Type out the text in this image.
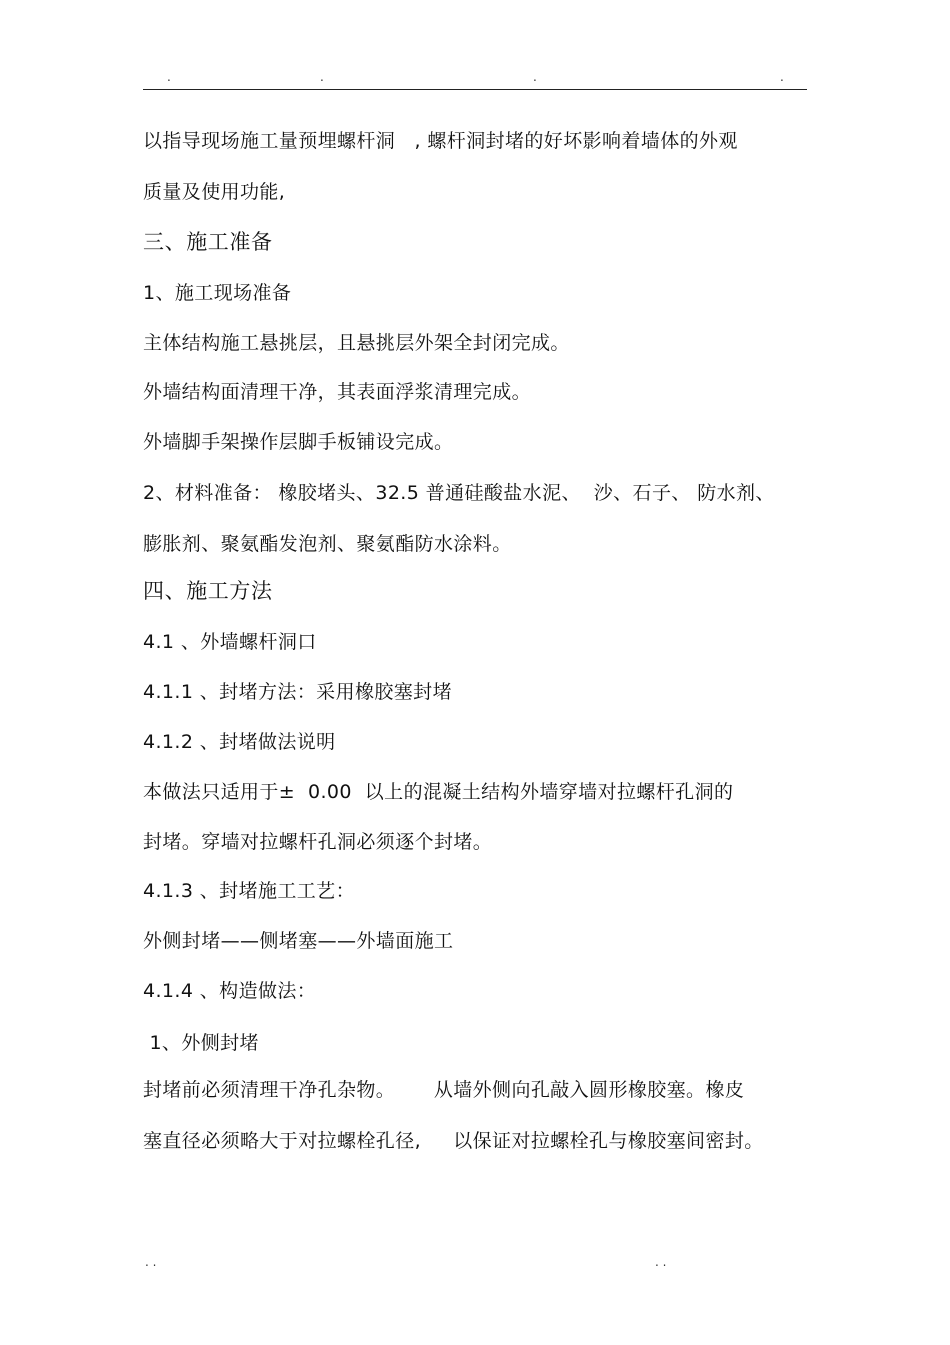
.	.	.	.
以指导现场施工量预埋螺杆洞   , 螺杆洞封堵的好坏影响着墙体的外观
质量及使用功能,
三、施工准备
1、施工现场准备
主体结构施工悬挑层，且悬挑层外架全封闭完成。
外墙结构面清理干净，其表面浮浆清理完成。
外墙脚手架操作层脚手板铺设完成。
2、材料准备： 橡胶堵头、32.5 普通硅酸盐水泥、  沙、石子、 防水剂、
膨胀剂、聚氨酯发泡剂、聚氨酯防水涂料。
四、施工方法
4.1 、外墙螺杆洞口
4.1.1 、封堵方法：采用橡胶塞封堵
4.1.2 、封堵做法说明
本做法只适用于±  0.00  以上的混凝土结构外墙穿墙对拉螺杆孔洞的
封堵。穿墙对拉螺杆孔洞必须逐个封堵。
4.1.3 、封堵施工工艺：
外侧封堵——侧堵塞——外墙面施工
4.1.4 、构造做法：
1、外侧封堵
封堵前必须清理干净孔杂物。      从墙外侧向孔敲入圆形橡胶塞。橡皮
塞直径必须略大于对拉螺栓孔径,     以保证对拉螺栓孔与橡胶塞间密封。
. .	. .
